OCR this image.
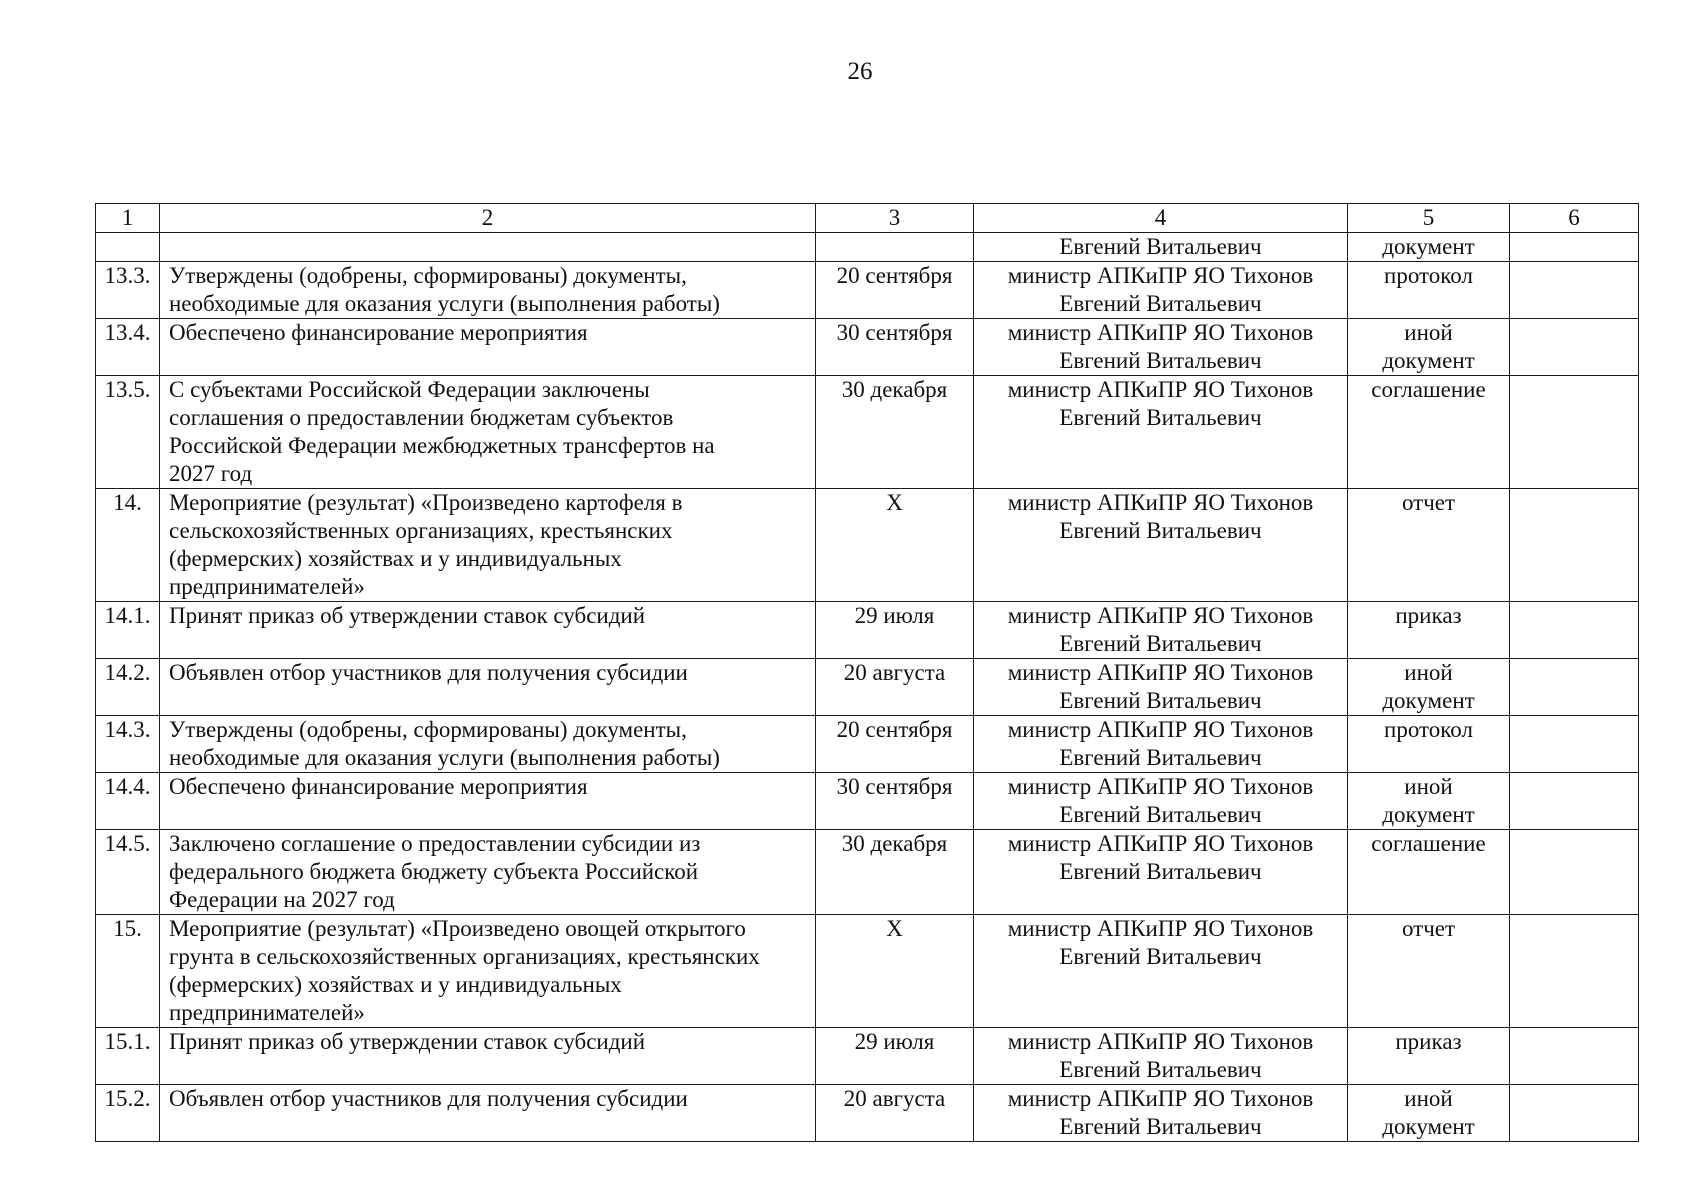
26
1	2	3	4	5	6

			Евгений Витальевич	документ	

13.3.	Утверждены (одобрены, сформированы) документы,
необходимые для оказания услуги (выполнения работы)	20 сентября	министр АПКиПР ЯО Тихонов
Евгений Витальевич	протокол	

13.4.	Обеспечено финансирование мероприятия	30 сентября	министр АПКиПР ЯО Тихонов
Евгений Витальевич	иной
документ	

13.5.	С субъектами Российской Федерации заключены
соглашения о предоставлении бюджетам субъектов
Российской Федерации межбюджетных трансфертов на
2027 год	30 декабря	министр АПКиПР ЯО Тихонов
Евгений Витальевич	соглашение	

14.	Мероприятие (результат) «Произведено картофеля в
сельскохозяйственных организациях, крестьянских
(фермерских) хозяйствах и у индивидуальных
предпринимателей»	Х	министр АПКиПР ЯО Тихонов
Евгений Витальевич	отчет	

14.1.	Принят приказ об утверждении ставок субсидий	29 июля	министр АПКиПР ЯО Тихонов
Евгений Витальевич	приказ	

14.2.	Объявлен отбор участников для получения субсидии	20 августа	министр АПКиПР ЯО Тихонов
Евгений Витальевич	иной
документ	

14.3.	Утверждены (одобрены, сформированы) документы,
необходимые для оказания услуги (выполнения работы)	20 сентября	министр АПКиПР ЯО Тихонов
Евгений Витальевич	протокол	

14.4.	Обеспечено финансирование мероприятия	30 сентября	министр АПКиПР ЯО Тихонов
Евгений Витальевич	иной
документ	

14.5.	Заключено соглашение о предоставлении субсидии из
федерального бюджета бюджету субъекта Российской
Федерации на 2027 год	30 декабря	министр АПКиПР ЯО Тихонов
Евгений Витальевич	соглашение	

15.	Мероприятие (результат) «Произведено овощей открытого
грунта в сельскохозяйственных организациях, крестьянских
(фермерских) хозяйствах и у индивидуальных
предпринимателей»	Х	министр АПКиПР ЯО Тихонов
Евгений Витальевич	отчет	

15.1.	Принят приказ об утверждении ставок субсидий	29 июля	министр АПКиПР ЯО Тихонов
Евгений Витальевич	приказ	

15.2.	Объявлен отбор участников для получения субсидии	20 августа	министр АПКиПР ЯО Тихонов
Евгений Витальевич	иной
документ	
